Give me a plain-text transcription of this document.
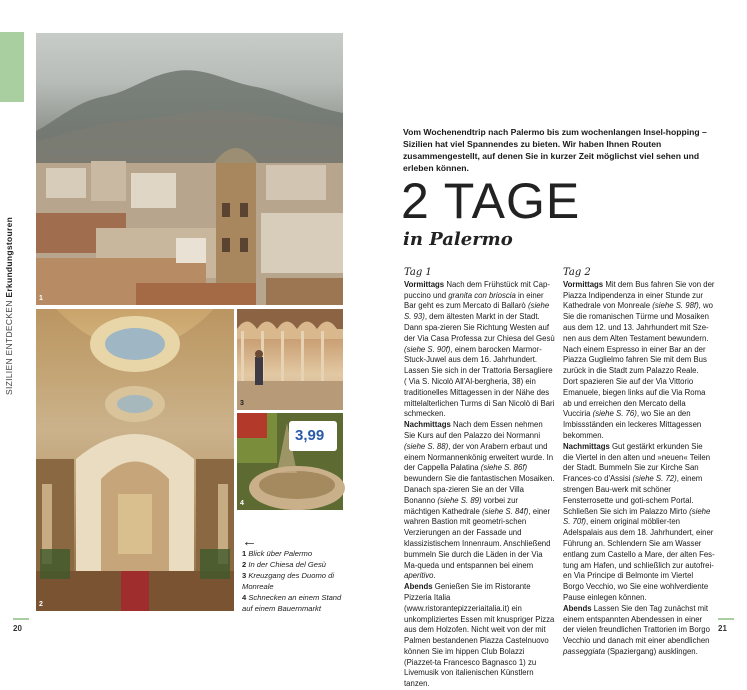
SIZILIEN ENTDECKEN Erkundungstouren
1
2
3
3,99
4
←
1 Blick über Palermo
2 In der Chiesa del Gesù
3 Kreuzgang des Duomo di Monreale
4 Schnecken an einem Stand auf einem Bauernmarkt
20	21
Vom Wochenendtrip nach Palermo bis zum wochenlangen Insel-hopping – Sizilien hat viel Spannendes zu bieten. Wir haben Ihnen Routen zusammengestellt, auf denen Sie in kurzer Zeit möglichst viel sehen und erleben können.
2 TAGE
in Palermo
Tag 1

Vormittags Nach dem Frühstück mit Cap-puccino und granita con brioscia in einer Bar geht es zum Mercato di Ballarò (siehe S. 93), dem ältesten Markt in der Stadt. Dann spa-zieren Sie Richtung Westen auf der Via Casa Professa zur Chiesa del Gesù (siehe S. 90f), einem barocken Marmor-Stuck-Juwel aus dem 16. Jahrhundert. Lassen Sie sich in der Trattoria Bersagliere ( Via S. Nicolò All'Al-bergheria, 38) ein traditionelles Mittagessen in der Nähe des mittelalterlichen Turms di San Nicolò di Bari schmecken.

Nachmittags Nach dem Essen nehmen Sie Kurs auf den Palazzo dei Normanni (siehe S. 88), der von Arabern erbaut und einem Normannenkönig erweitert wurde. In der Cappella Palatina (siehe S. 86f) bewundern Sie die fantastischen Mosaiken. Danach spa-zieren Sie an der Villa Bonanno (siehe S. 89) vorbei zur mächtigen Kathedrale (siehe S. 84f), einer wahren Bastion mit geometri-schen Verzierungen an der Fassade und klassizistischem Innenraum. Anschließend bummeln Sie durch die Läden in der Via Ma-queda und entspannen bei einem aperitivo.

Abends Genießen Sie im Ristorante Pizzeria Italia (www.ristorantepizzeriaitalia.it) ein unkompliziertes Essen mit knuspriger Pizza aus dem Holzofen. Nicht weit von der mit Palmen bestandenen Piazza Castelnuovo können Sie im hippen Club Bolazzi (Piazzet-ta Francesco Bagnasco 1) zu Livemusik von italienischen Künstlern tanzen.

Tag 2

Vormittags Mit dem Bus fahren Sie von der Piazza Indipendenza in einer Stunde zur Kathedrale von Monreale (siehe S. 98f), wo Sie die romanischen Türme und Mosaiken aus dem 12. und 13. Jahrhundert mit Sze-nen aus dem Alten Testament bewundern. Nach einem Espresso in einer Bar an der Piazza Guglielmo fahren Sie mit dem Bus zurück in die Stadt zum Palazzo Reale. Dort spazieren Sie auf der Via Vittorio Emanuele, biegen links auf die Via Roma ab und erreichen den Mercato della Vucciria (siehe S. 76), wo Sie an den Imbissständen ein leckeres Mittagessen bekommen.

Nachmittags Gut gestärkt erkunden Sie die Viertel in den alten und »neuen« Teilen der Stadt. Bummeln Sie zur Kirche San Frances-co d'Assisi (siehe S. 72), einem strengen Bau-werk mit schöner Fensterrosette und goti-schem Portal. Schließen Sie sich im Palazzo Mirto (siehe S. 70f), einem original möblier-ten Adelspalais aus dem 18. Jahrhundert, einer Führung an. Schlendern Sie am Wasser entlang zum Castello a Mare, der alten Fes-tung am Hafen, und schließlich zur autofrei-en Via Principe di Belmonte im Viertel Borgo Vecchio, wo Sie eine wohlverdiente Pause einlegen können.

Abends Lassen Sie den Tag zunächst mit einem entspannten Abendessen in einer der vielen freundlichen Trattorien im Borgo Vecchio und danach mit einer abendlichen passeggiata (Spaziergang) ausklingen.
